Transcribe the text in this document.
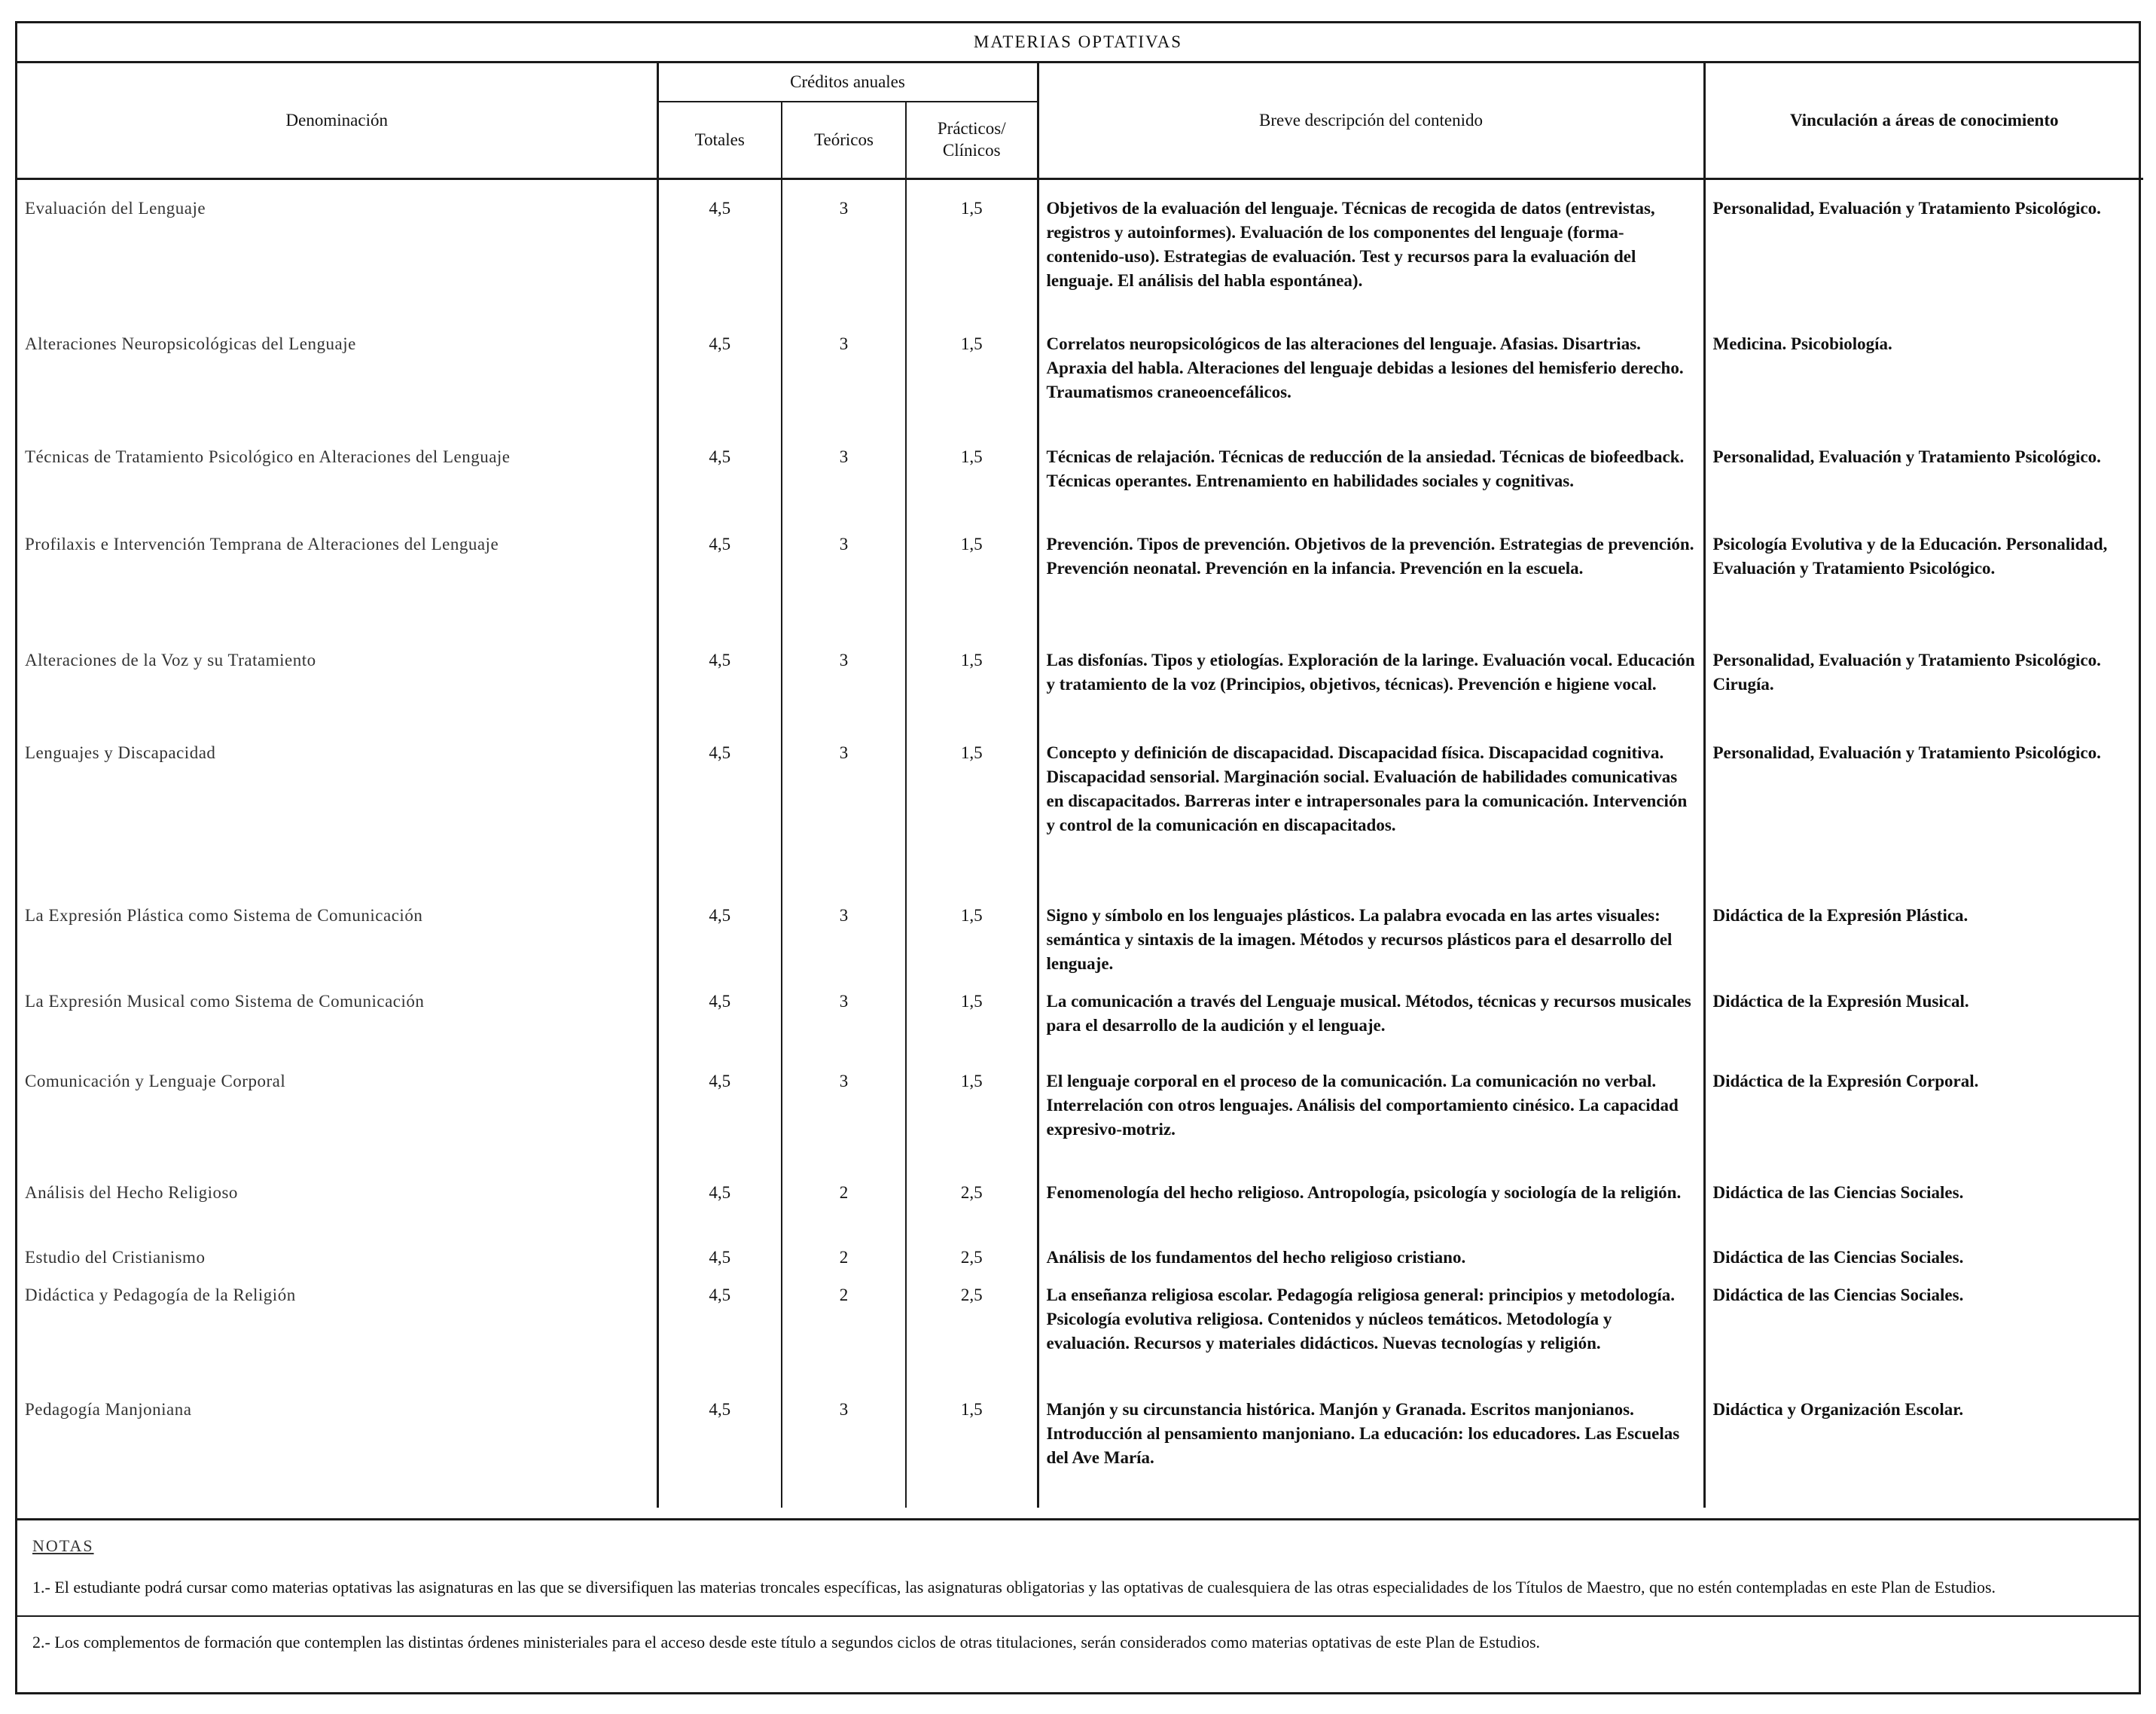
MATERIAS OPTATIVAS
Denominación	Créditos anuales			Breve descripción del contenido	Vinculación a áreas de conocimiento
	Totales	Teóricos	Prácticos/ Clínicos		
Evaluación del Lenguaje	4,5	3	1,5	Objetivos de la evaluación del lenguaje. Técnicas de recogida de datos (entrevistas, registros y autoinformes). Evaluación de los componentes del lenguaje (forma-contenido-uso). Estrategias de evaluación. Test y recursos para la evaluación del lenguaje. El análisis del habla espontánea).	Personalidad, Evaluación y Tratamiento Psicológico.
Alteraciones Neuropsicológicas del Lenguaje	4,5	3	1,5	Correlatos neuropsicológicos de las alteraciones del lenguaje. Afasias. Disartrias. Apraxia del habla. Alteraciones del lenguaje debidas a lesiones del hemisferio derecho. Traumatismos craneoencefálicos.	Medicina. Psicobiología.
Técnicas de Tratamiento Psicológico en Alteraciones del Lenguaje	4,5	3	1,5	Técnicas de relajación. Técnicas de reducción de la ansiedad. Técnicas de biofeedback. Técnicas operantes. Entrenamiento en habilidades sociales y cognitivas.	Personalidad, Evaluación y Tratamiento Psicológico.
Profilaxis e Intervención Temprana de Alteraciones del Lenguaje	4,5	3	1,5	Prevención. Tipos de prevención. Objetivos de la prevención. Estrategias de prevención. Prevención neonatal. Prevención en la infancia. Prevención en la escuela.	Psicología Evolutiva y de la Educación. Personalidad, Evaluación y Tratamiento Psicológico.
Alteraciones de la Voz y su Tratamiento	4,5	3	1,5	Las disfonías. Tipos y etiologías. Exploración de la laringe. Evaluación vocal. Educación y tratamiento de la voz (Principios, objetivos, técnicas). Prevención e higiene vocal.	Personalidad, Evaluación y Tratamiento Psicológico. Cirugía.
Lenguajes y Discapacidad	4,5	3	1,5	Concepto y definición de discapacidad. Discapacidad física. Discapacidad cognitiva. Discapacidad sensorial. Marginación social. Evaluación de habilidades comunicativas en discapacitados. Barreras inter e intrapersonales para la comunicación. Intervención y control de la comunicación en discapacitados.	Personalidad, Evaluación y Tratamiento Psicológico.
La Expresión Plástica como Sistema de Comunicación	4,5	3	1,5	Signo y símbolo en los lenguajes plásticos. La palabra evocada en las artes visuales: semántica y sintaxis de la imagen. Métodos y recursos plásticos para el desarrollo del lenguaje.	Didáctica de la Expresión Plástica.
La Expresión Musical como Sistema de Comunicación	4,5	3	1,5	La comunicación a través del Lenguaje musical. Métodos, técnicas y recursos musicales para el desarrollo de la audición y el lenguaje.	Didáctica de la Expresión Musical.
Comunicación y Lenguaje Corporal	4,5	3	1,5	El lenguaje corporal en el proceso de la comunicación. La comunicación no verbal. Interrelación con otros lenguajes. Análisis del comportamiento cinésico. La capacidad expresivo-motriz.	Didáctica de la Expresión Corporal.
Análisis del Hecho Religioso	4,5	2	2,5	Fenomenología del hecho religioso. Antropología, psicología y sociología de la religión.	Didáctica de las Ciencias Sociales.
Estudio del Cristianismo	4,5	2	2,5	Análisis de los fundamentos del hecho religioso cristiano.	Didáctica de las Ciencias Sociales.
Didáctica y Pedagogía de la Religión	4,5	2	2,5	La enseñanza religiosa escolar. Pedagogía religiosa general: principios y metodología. Psicología evolutiva religiosa. Contenidos y núcleos temáticos. Metodología y evaluación. Recursos y materiales didácticos. Nuevas tecnologías y religión.	Didáctica de las Ciencias Sociales.
Pedagogía Manjoniana	4,5	3	1,5	Manjón y su circunstancia histórica. Manjón y Granada. Escritos manjonianos. Introducción al pensamiento manjoniano. La educación: los educadores. Las Escuelas del Ave María.	Didáctica y Organización Escolar.
NOTAS
1.- El estudiante podrá cursar como materias optativas las asignaturas en las que se diversifiquen las materias troncales específicas, las asignaturas obligatorias y las optativas de cualesquiera de las otras especialidades de los Títulos de Maestro, que no estén contempladas en este Plan de Estudios.
2.- Los complementos de formación que contemplen las distintas órdenes ministeriales para el acceso desde este título a segundos ciclos de otras titulaciones, serán considerados como materias optativas de este Plan de Estudios.
